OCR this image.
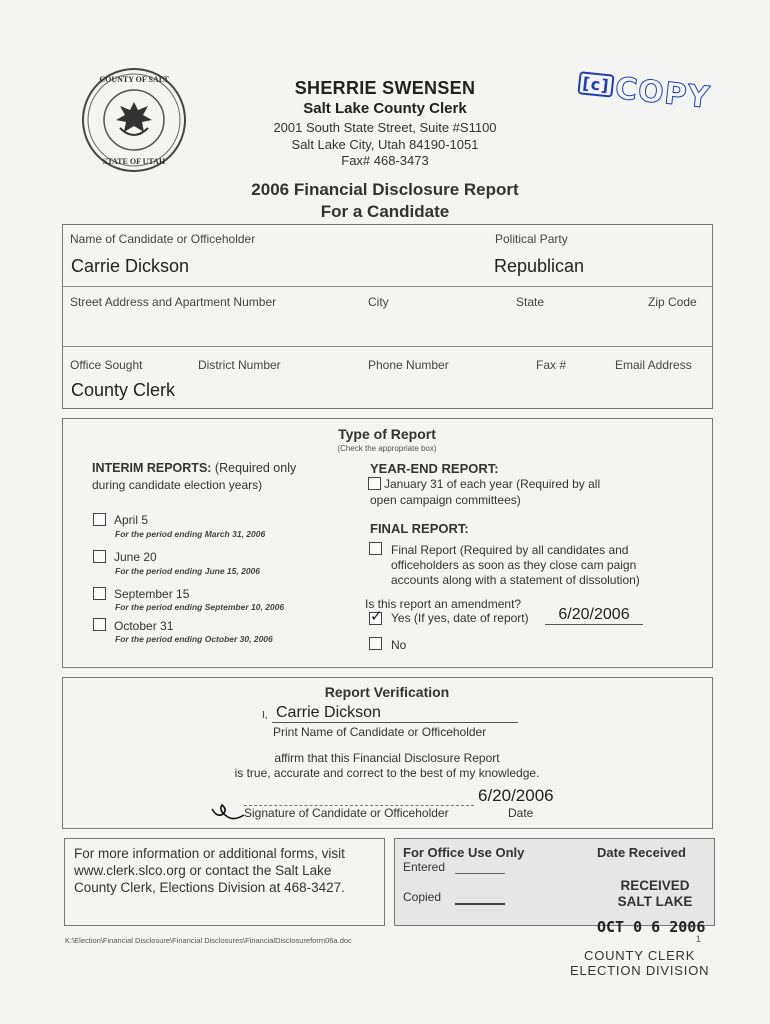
COUNTY OF SALT
STATE OF UTAH
SHERRIE SWENSEN
Salt Lake County Clerk
2001 South State Street, Suite #S1100
Salt Lake City, Utah 84190-1051
Fax# 468-3473
[c]COPY
2006 Financial Disclosure Report
For a Candidate
Name of Candidate or Officeholder
Carrie Dickson
Political Party
Republican
Street Address and Apartment Number	City	State	Zip Code
Office Sought	District Number	Phone Number	Fax #	Email Address
County Clerk
Type of Report
(Check the appropriate box)
INTERIM REPORTS: (Required only
during candidate election years)
April 5
For the period ending March 31, 2006
June 20
For the period ending June 15, 2006
September 15
For the period ending September 10, 2006
October 31
For the period ending October 30, 2006
YEAR-END REPORT:
January 31 of each year (Required by all
open campaign committees)
FINAL REPORT:
Final Report (Required by all candidates and
officeholders as soon as they close cam paign
accounts along with a statement of dissolution)
Is this report an amendment?
✓ Yes (If yes, date of report)	6/20/2006
No
Report Verification
I, Carrie Dickson
Print Name of Candidate or Officeholder
affirm that this Financial Disclosure Report
is true, accurate and correct to the best of my knowledge.
Signature of Candidate or Officeholder
6/20/2006
Date
For more information or additional forms, visit
www.clerk.slco.org or contact the Salt Lake
County Clerk, Elections Division at 468-3427.
For Office Use Only
Entered
Copied
Date Received
RECEIVED
SALT LAKE
OCT 0 6 2006
COUNTY CLERK
ELECTION DIVISION
K:\Election\Financial Disclosure\Financial Disclosures\FinancialDisclosureform06a.doc	1
